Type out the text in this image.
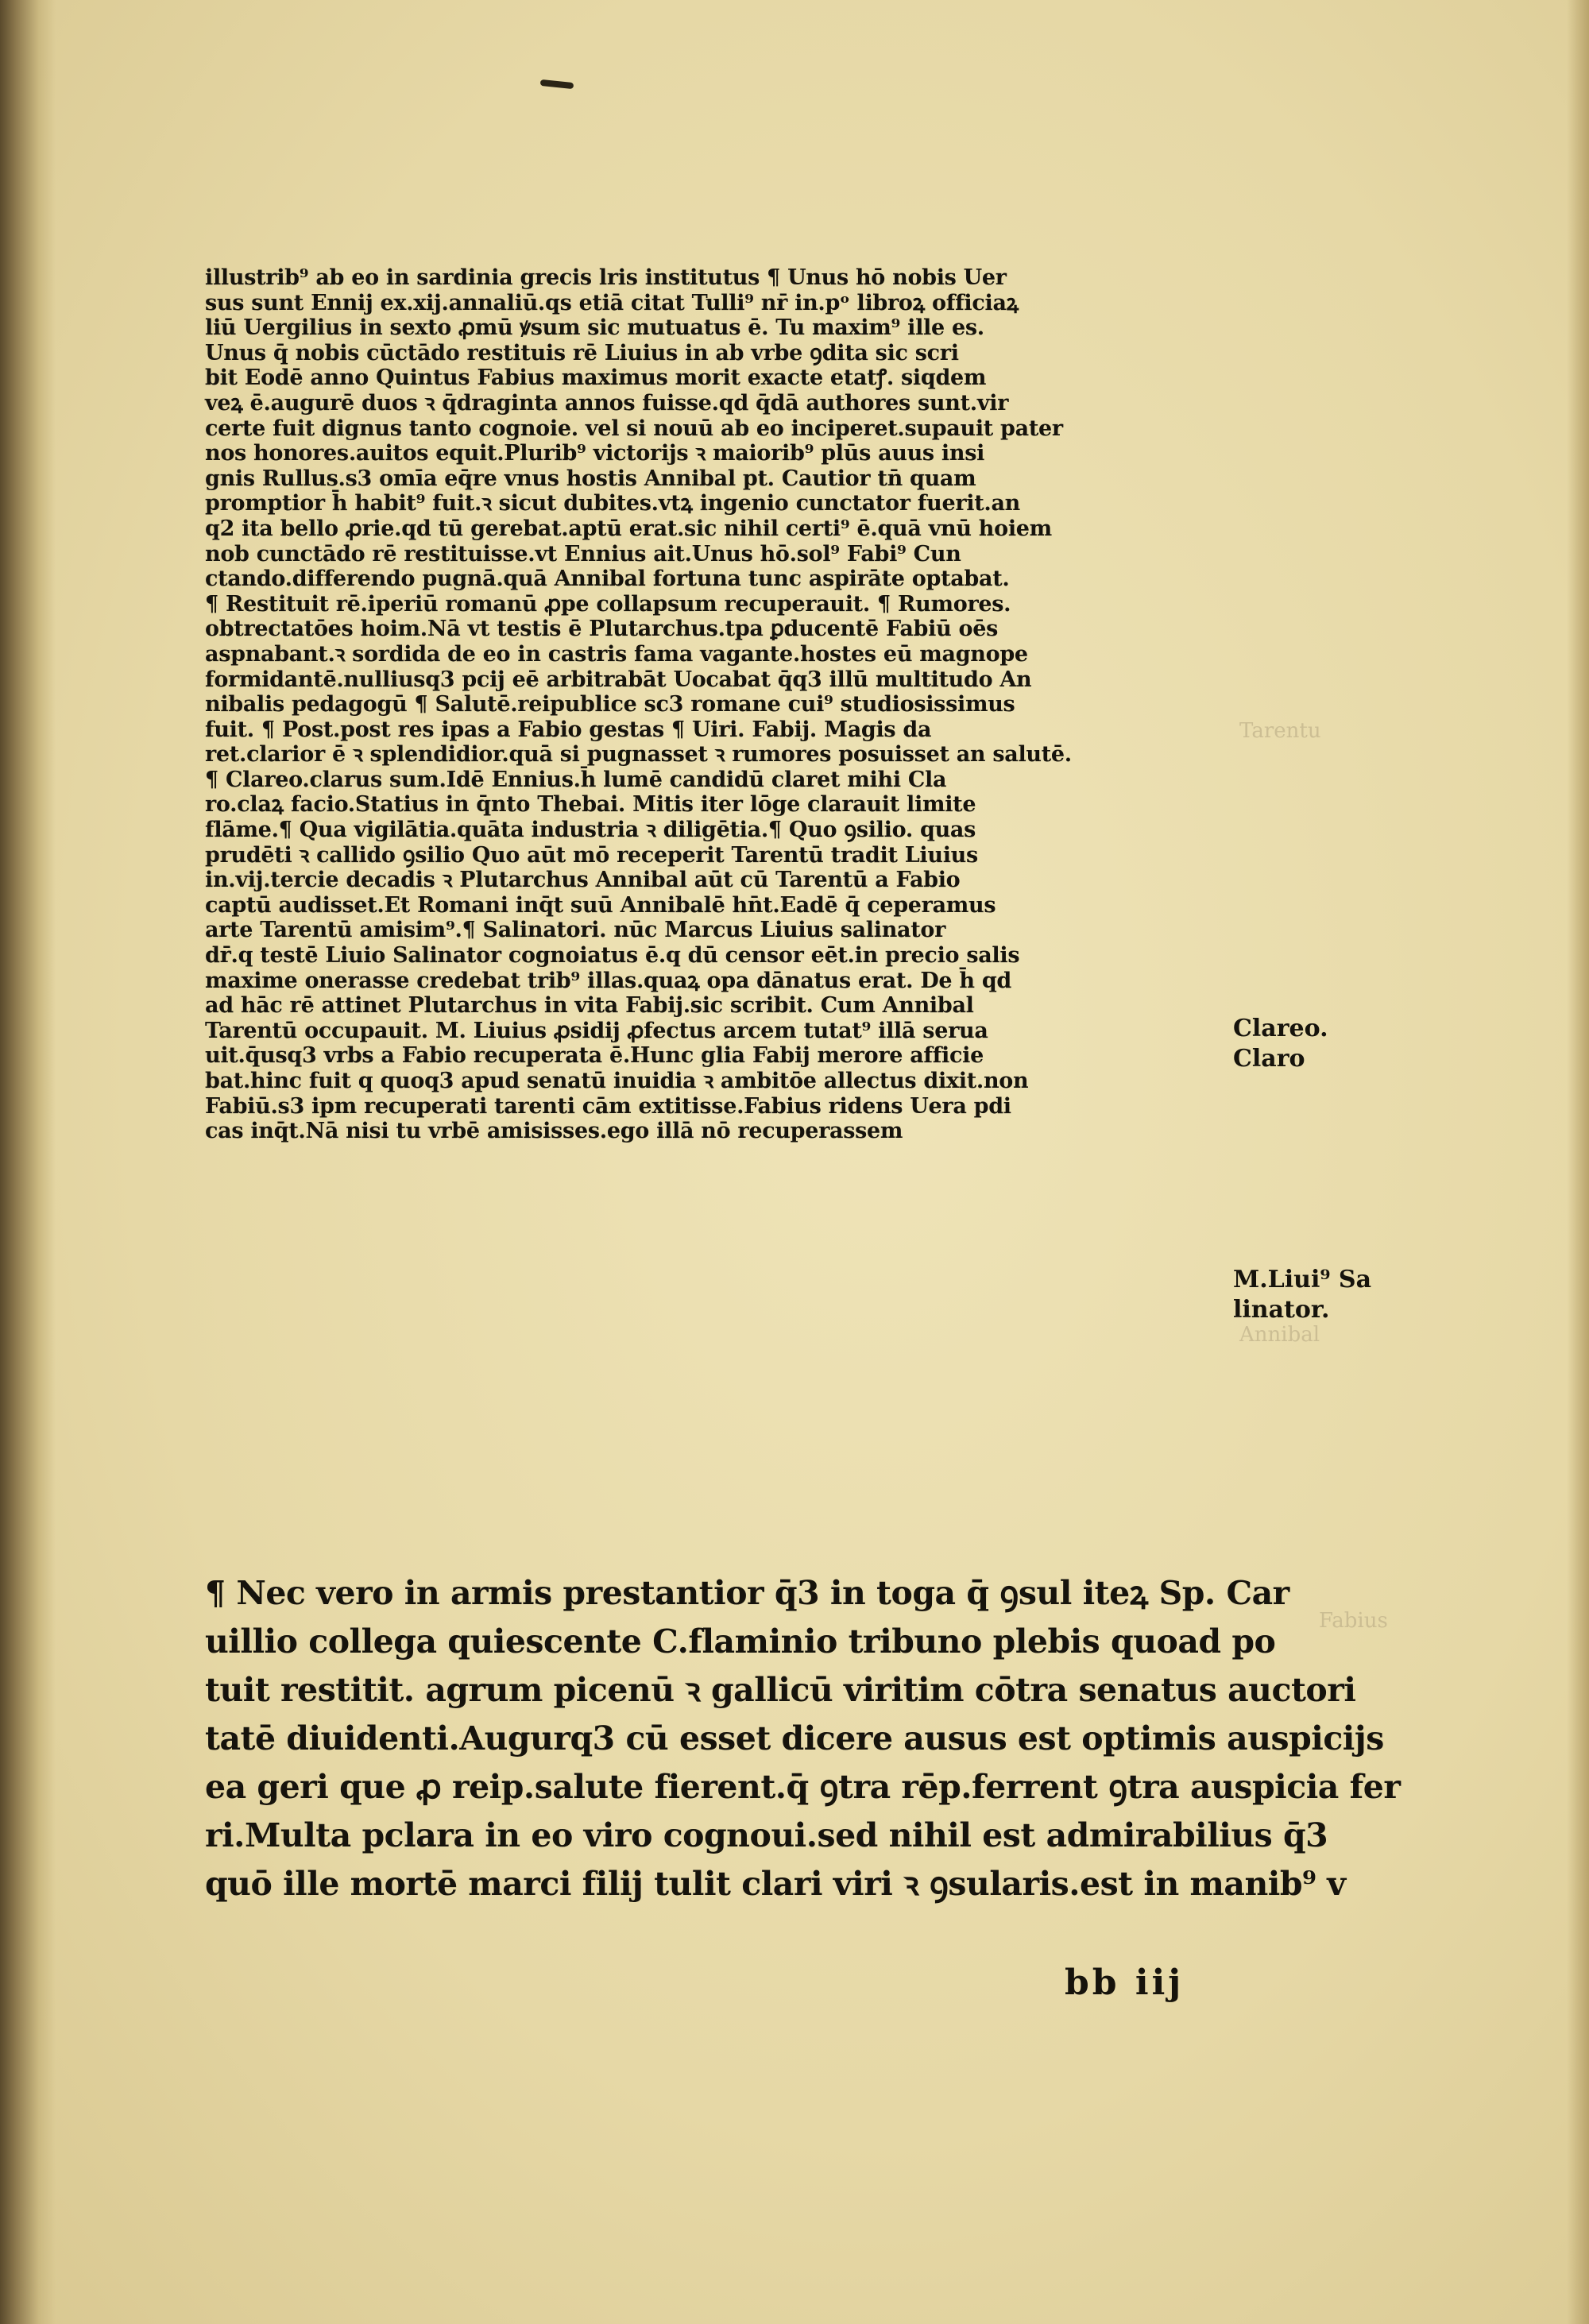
Tarentu
Annibal
Fabius
illustrib⁹ ab eo in sardinia grecis lris institutus ¶ Unus hō nobis Uer
sus sunt Ennij ex.xij.annaliū.qs etiā citat Tulli⁹ nr̄ in.pᵒ libroꝝ officiaꝝ
liū Uergilius in sexto ꝓmū ꝟsum sic mutuatus ē. Tu maxim⁹ ille es.
Unus q̄ nobis cūctādo restituis rē Liuius in ab vrbe ꝯdita sic scri
bit Eodē anno Quintus Fabius maximus morit exacte etatꝭ. siqdem
veꝝ ē.augurē duos ꝛ q̄draginta annos fuisse.qd q̄dā authores sunt.vir
certe fuit dignus tanto cognoie. vel si nouū ab eo inciperet.supauit pater
nos honores.auitos equit.Plurib⁹ victorijs ꝛ maiorib⁹ plūs auus insi
gnis Rullus.s3 omīa eq̄re vnus hostis Annibal pt. Cautior tn̄ quam
promptior h̄ habit⁹ fuit.ꝛ sicut dubites.vtꝝ ingenio cunctator fuerit.an
q2 ita bello ꝓrie.qd tū gerebat.aptū erat.sic nihil certi⁹ ē.quā vnū hoiem
nob cunctādo rē restituisse.vt Ennius ait.Unus hō.sol⁹ Fabi⁹ Cun
ctando.differendo pugnā.quā Annibal fortuna tunc aspirāte optabat.
¶ Restituit rē.iperiū romanū ꝓpe collapsum recuperauit. ¶ Rumores.
obtrectatōes hoim.Nā vt testis ē Plutarchus.tpa ꝑducentē Fabiū oēs
aspnabant.ꝛ sordida de eo in castris fama vagante.hostes eū magnope
formidantē.nulliusq3 pcij eē arbitrabāt Uocabat q̄q3 illū multitudo An
nibalis pedagogū ¶ Salutē.reipublice sc3 romane cui⁹ studiosissimus
fuit. ¶ Post.post res ipas a Fabio gestas ¶ Uiri. Fabij. Magis da
ret.clarior ē ꝛ splendidior.quā si pugnasset ꝛ rumores posuisset an salutē.
¶ Clareo.clarus sum.Idē Ennius.h̄ lumē candidū claret mihi Cla
ro.claꝝ facio.Statius in q̄nto Thebai. Mitis iter lōge clarauit limite
flāme.¶ Qua vigilātia.quāta industria ꝛ diligētia.¶ Quo ꝯsilio. quas
prudēti ꝛ callido ꝯsilio Quo aūt mō receperit Tarentū tradit Liuius
in.vij.tercie decadis ꝛ Plutarchus Annibal aūt cū Tarentū a Fabio
captū audisset.Et Romani inq̄t suū Annibalē hn̄t.Eadē q̄ ceperamus
arte Tarentū amisim⁹.¶ Salinatori. nūc Marcus Liuius salinator
dr̄.q testē Liuio Salinator cognoiatus ē.q dū censor eēt.in precio salis
maxime onerasse credebat trib⁹ illas.quaꝝ opa dānatus erat. De h̄ qd
ad hāc rē attinet Plutarchus in vita Fabij.sic scribit. Cum Annibal
Tarentū occupauit. M. Liuius ꝓsidij ꝓfectus arcem tutat⁹ illā serua
uit.q̄usq3 vrbs a Fabio recuperata ē.Hunc glia Fabij merore afficie
bat.hinc fuit q quoq3 apud senatū inuidia ꝛ ambitōe allectus dixit.non
Fabiū.s3 ipm recuperati tarenti cām extitisse.Fabius ridens Uera pdi
cas inq̄t.Nā nisi tu vrbē amisisses.ego illā nō recuperassem
Clareo.
Claro
M.Liui⁹ Sa
linator.
¶ Nec vero in armis prestantior q̄3 in toga q̄ ꝯsul iteꝝ Sp. Car
uillio collega quiescente C.flaminio tribuno plebis quoad po
tuit restitit. agrum picenū ꝛ gallicū viritim cōtra senatus auctori
tatē diuidenti.Augurq3 cū esset dicere ausus est optimis auspicijs
ea geri que ꝓ reip.salute fierent.q̄ ꝯtra rēp.ferrent ꝯtra auspicia fer
ri.Multa pclara in eo viro cognoui.sed nihil est admirabilius q̄3
quō ille mortē marci filij tulit clari viri ꝛ ꝯsularis.est in manib⁹ v
bb iij
